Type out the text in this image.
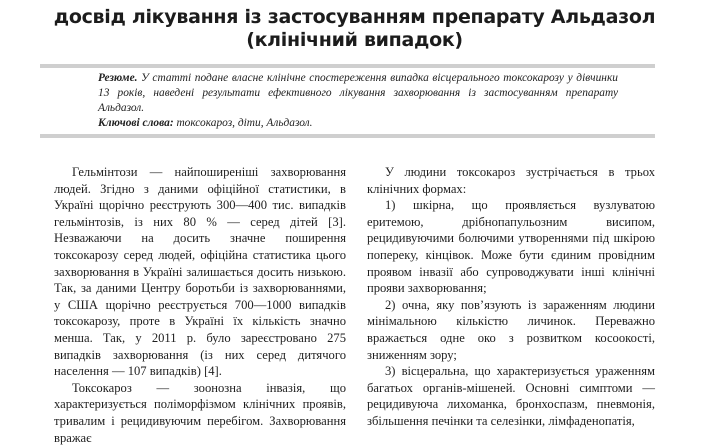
досвід лікування із застосуванням препарату Альдазол
(клінічний випадок)

Резюме. У статті подане власне клінічне спостереження випадка вісцерального токсокарозу у дівчинки 13 років, наведені результати ефективного лікування захворювання із застосуванням препарату Альдазол.

Ключові слова: токсокароз, діти, Альдазол.

Гельмінтози — найпоширеніші захворювання людей. Згідно з даними офіційної статистики, в Україні щорічно реєструють 300—400 тис. випадків гельмінтозів, із них 80 % — серед дітей [3]. Незважаючи на досить значне поширення токсокарозу серед людей, офіційна статистика цього захворювання в Україні залишається досить низькою. Так, за даними Центру боротьби із захворюваннями, у США щорічно реєструється 700—1000 випадків токсокарозу, проте в Україні їх кількість значно менша. Так, у 2011 р. було зареєстровано 275 випадків захворювання (із них серед дитячого населення — 107 випадків) [4].

Токсокароз — зоонозна інвазія, що характеризується поліморфізмом клінічних проявів, тривалим і рецидивуючим перебігом. Захворювання вражає

У людини токсокароз зустрічається в трьох клінічних формах:

1) шкірна, що проявляється вузлуватою еритемою, дрібнопапульозним висипом, рецидивуючими болючими утвореннями під шкірою попереку, кінцівок. Може бути єдиним провідним проявом інвазії або супроводжувати інші клінічні прояви захворювання;

2) очна, яку пов’язують із зараженням людини мінімальною кількістю личинок. Переважно вражається одне око з розвитком косоокості, зниженням зору;

3) вісцеральна, що характеризується ураженням багатьох органів-мішеней. Основні симптоми — рецидивуюча лихоманка, бронхоспазм, пневмонія, збільшення печінки та селезінки, лімфаденопатія,
